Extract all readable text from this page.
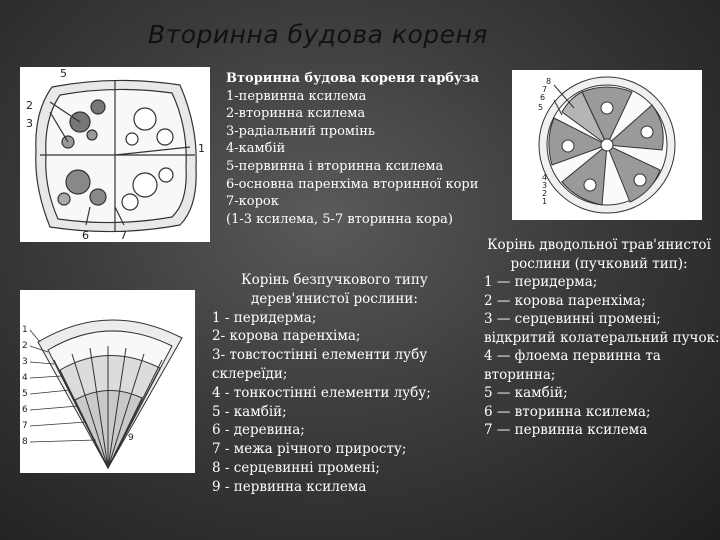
Вторинна будова кореня
5
2
3
1
6	7
8
7
6
5
4
3
2
1
1
2
3
4
5
6
7
8	9
Вторинна будова кореня гарбуза
1-первинна ксилема
2-вторинна ксилема
3-радіальний промінь
4-камбій
5-первинна і вторинна ксилема
6-основна паренхіма вторинної кори
7-корок
(1-3 ксилема, 5-7 вторинна кора)
Корінь безпучкового типу
дерев'янистої рослини:
1 - перидерма;
2- корова паренхіма;
3- товстостінні елементи лубу
склереїди;
4 - тонкостінні елементи лубу;
5 - камбій;
6 - деревина;
7 - межа річного приросту;
8 - серцевинні промені;
9 - первинна ксилема
Корінь дводольної трав'янистої
рослини (пучковий тип):
1 — перидерма;
2 — корова паренхіма;
3 — серцевинні промені;
відкритий колатеральний пучок:
4 — флоема первинна та
вторинна;
5 — камбій;
6 — вторинна ксилема;
7 — первинна ксилема
